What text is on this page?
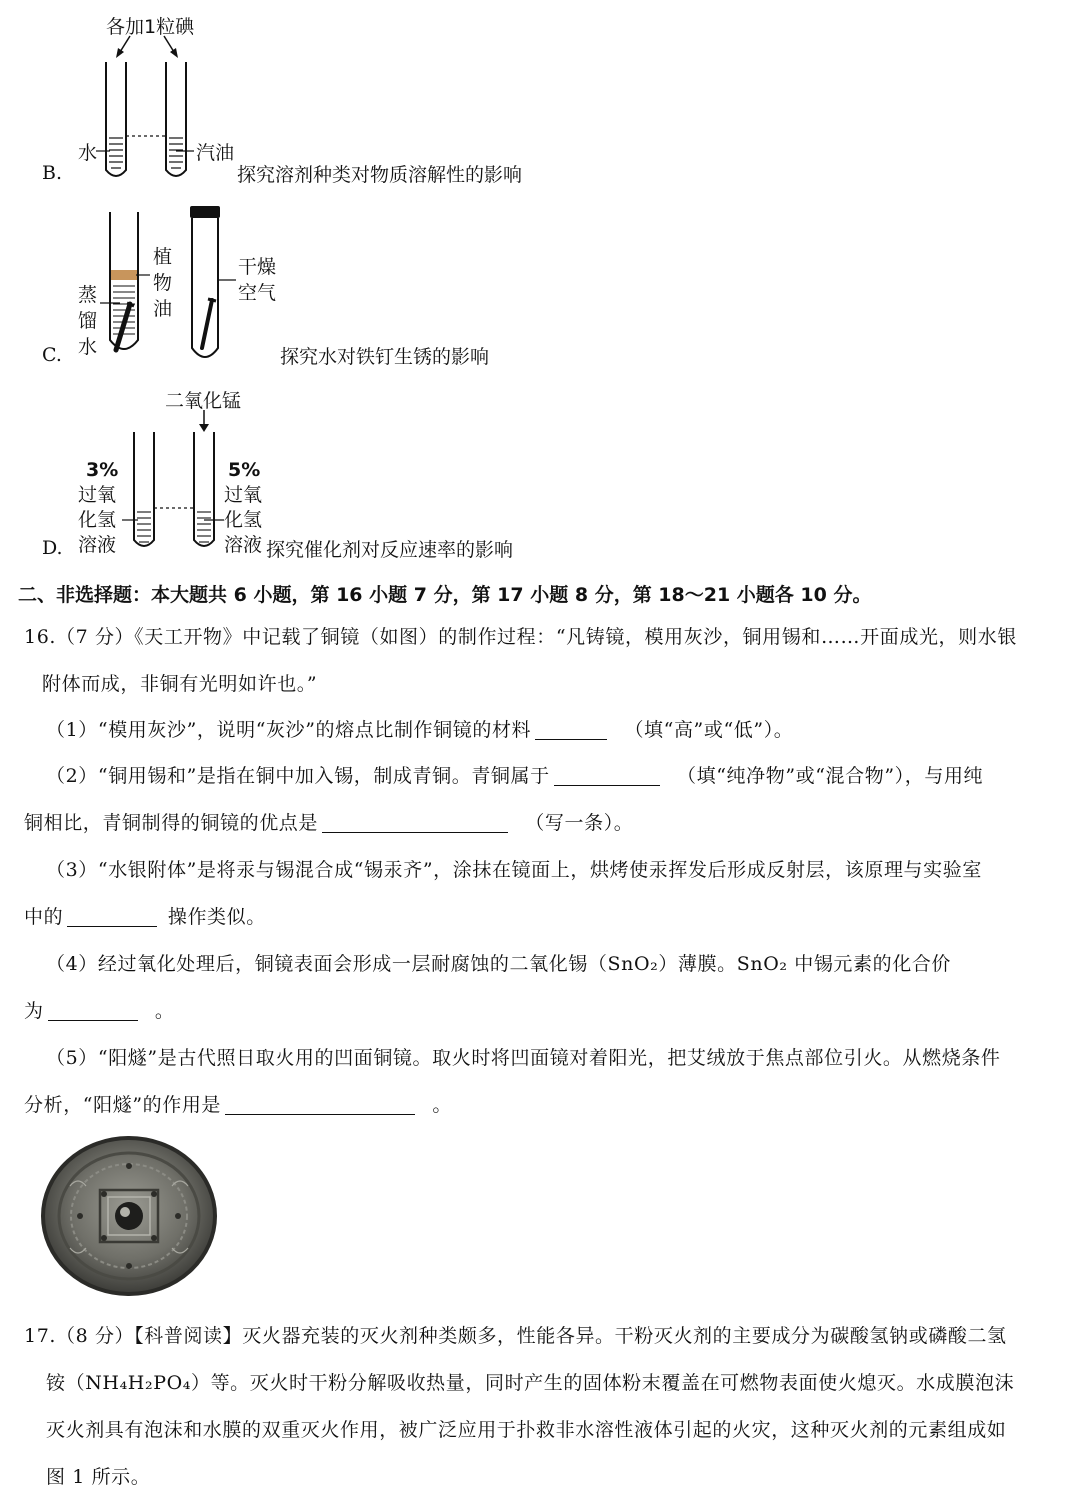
各加1粒碘
水	汽油
B.	探究溶剂种类对物质溶解性的影响
蒸
馏
水
植
物
油
干燥
空气
C.	探究水对铁钉生锈的影响
二氧化锰
3%
过氧
化氢
溶液
5%
过氧
化氢
溶液
D.	探究催化剂对反应速率的影响
二、非选择题：本大题共 6 小题，第 16 小题 7 分，第 17 小题 8 分，第 18～21 小题各 10 分。
16.（7 分）《天工开物》中记载了铜镜（如图）的制作过程：“凡铸镜，模用灰沙，铜用锡和……开面成光，则水银
附体而成，非铜有光明如许也。”
（1）“模用灰沙”，说明“灰沙”的熔点比制作铜镜的材料	（填“高”或“低”）。
（2）“铜用锡和”是指在铜中加入锡，制成青铜。青铜属于	（填“纯净物”或“混合物”），与用纯
铜相比，青铜制得的铜镜的优点是	（写一条）。
（3）“水银附体”是将汞与锡混合成“锡汞齐”，涂抹在镜面上，烘烤使汞挥发后形成反射层，该原理与实验室
中的	操作类似。
（4）经过氧化处理后，铜镜表面会形成一层耐腐蚀的二氧化锡（SnO₂）薄膜。SnO₂ 中锡元素的化合价
为	。
（5）“阳燧”是古代照日取火用的凹面铜镜。取火时将凹面镜对着阳光，把艾绒放于焦点部位引火。从燃烧条件
分析，“阳燧”的作用是	。
17.（8 分）【科普阅读】灭火器充装的灭火剂种类颇多，性能各异。干粉灭火剂的主要成分为碳酸氢钠或磷酸二氢
铵（NH₄H₂PO₄）等。灭火时干粉分解吸收热量，同时产生的固体粉末覆盖在可燃物表面使火熄灭。水成膜泡沫
灭火剂具有泡沫和水膜的双重灭火作用，被广泛应用于扑救非水溶性液体引起的火灾，这种灭火剂的元素组成如
图 1 所示。
